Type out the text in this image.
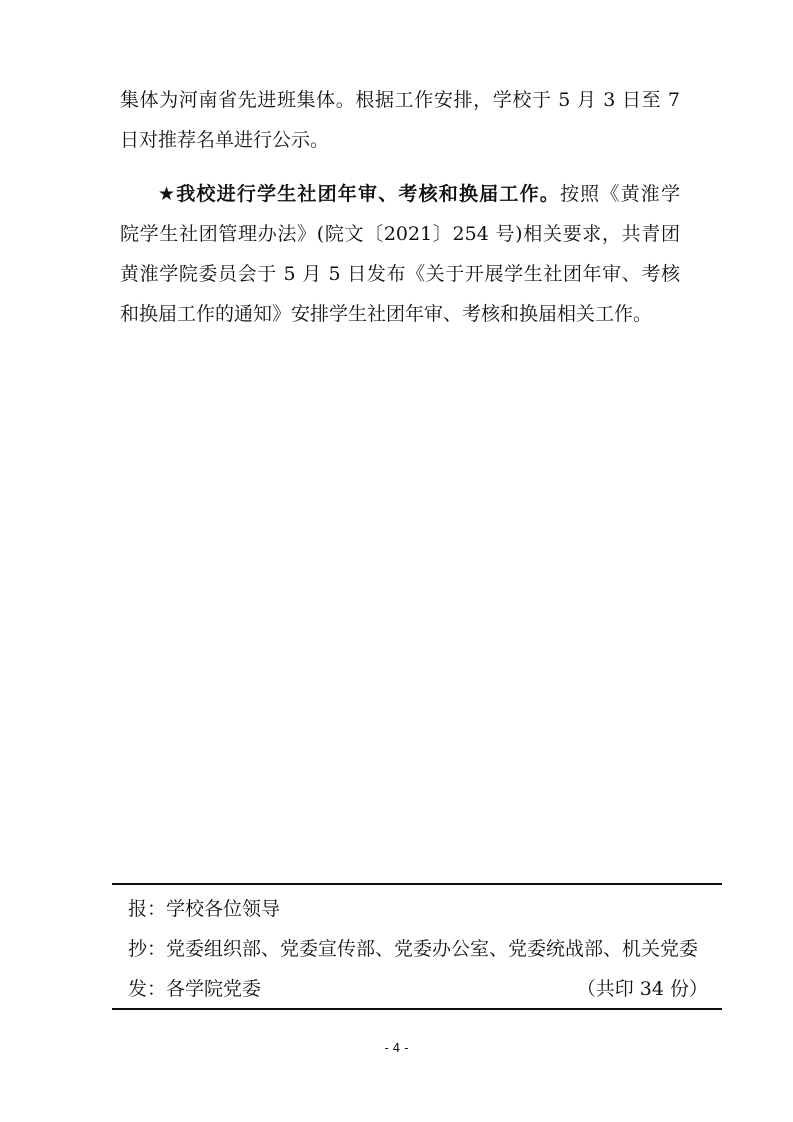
集体为河南省先进班集体。根据工作安排，学校于 5 月 3 日至 7
日对推荐名单进行公示。
★我校进行学生社团年审、考核和换届工作。按照《黄淮学
院学生社团管理办法》(院文〔2021〕254 号)相关要求，共青团
黄淮学院委员会于 5 月 5 日发布《关于开展学生社团年审、考核
和换届工作的通知》安排学生社团年审、考核和换届相关工作。
报：学校各位领导
抄：党委组织部、党委宣传部、党委办公室、党委统战部、机关党委
发：各学院党委	（共印 34 份）
- 4 -
